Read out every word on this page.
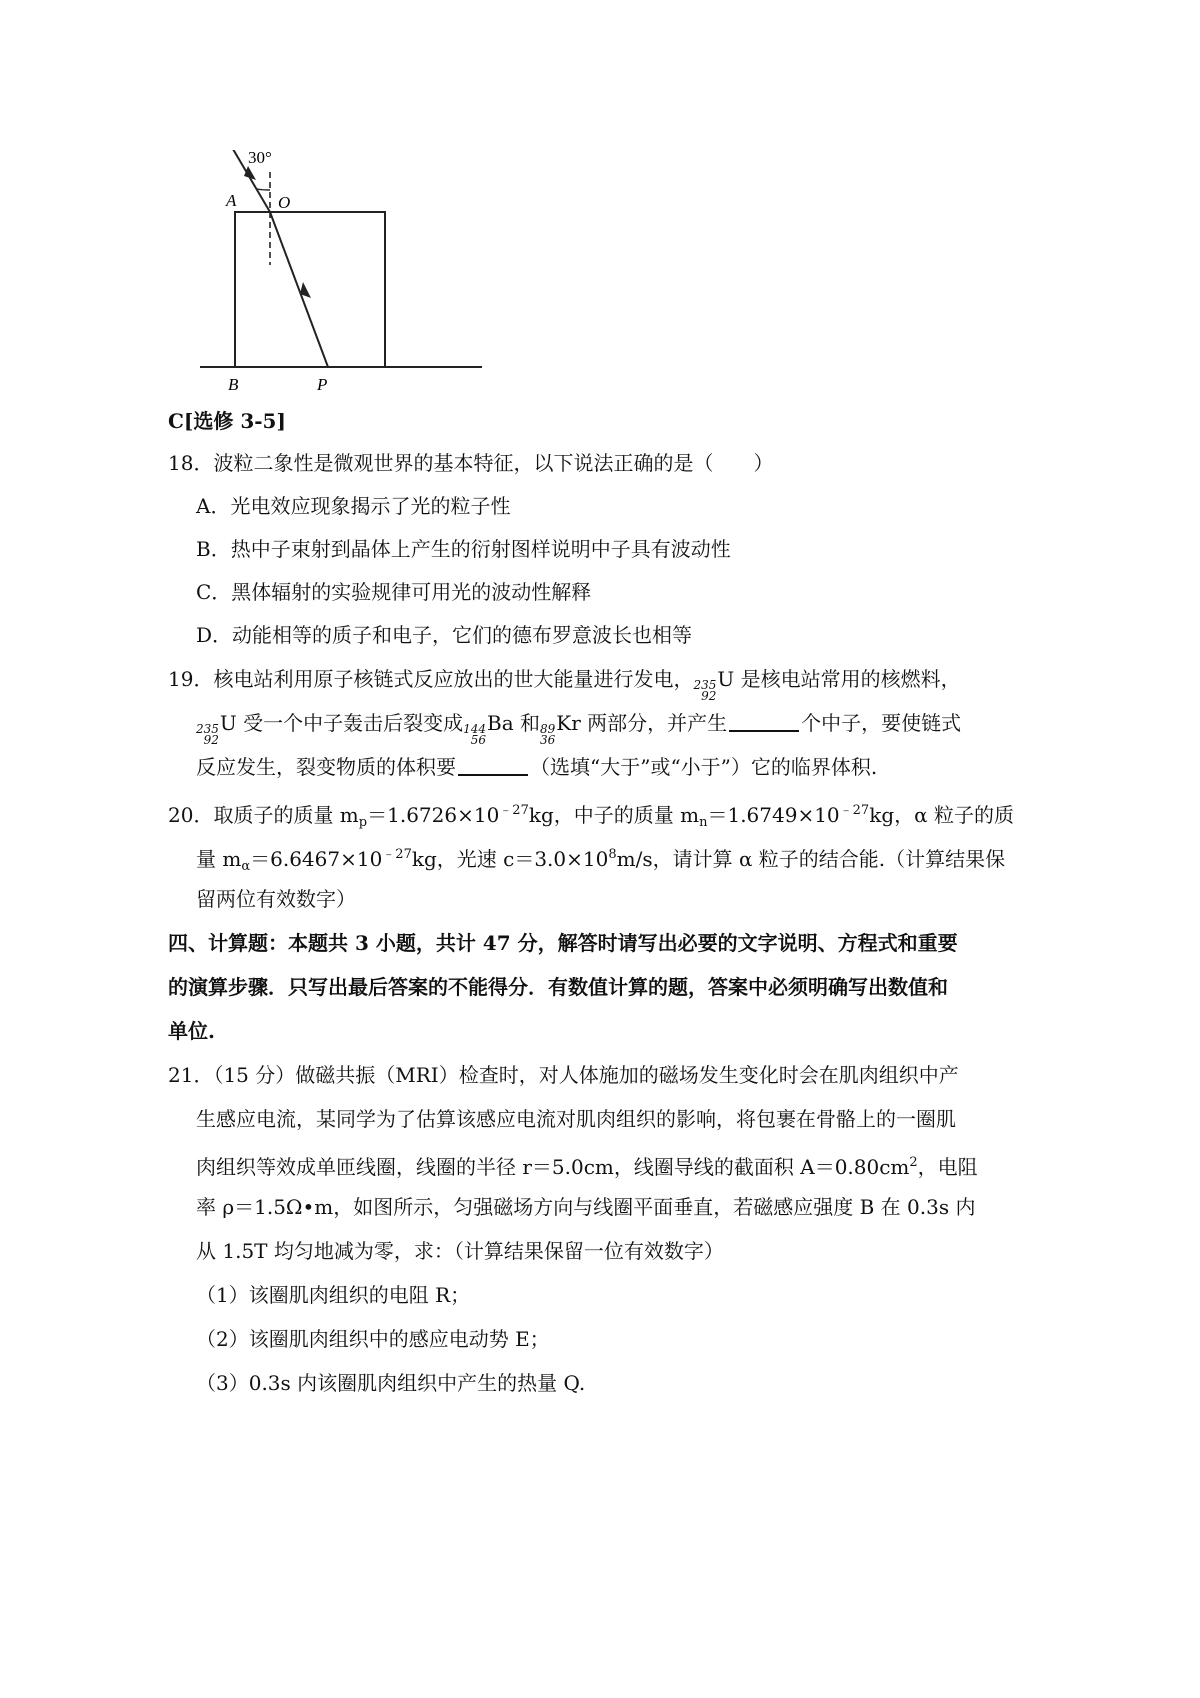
30°
A O
B	P
C[选修 3-5]
18．波粒二象性是微观世界的基本特征，以下说法正确的是（　　）
A．光电效应现象揭示了光的粒子性
B．热中子束射到晶体上产生的衍射图样说明中子具有波动性
C．黑体辐射的实验规律可用光的波动性解释
D．动能相等的质子和电子，它们的德布罗意波长也相等
19．核电站利用原子核链式反应放出的世大能量进行发电， 235
92
U 是核电站常用的核燃料，
235
92
U 受一个中子轰击后裂变成 144
56
Ba 和 89
36
Kr 两部分，并产生	个中子，要使链式
反应发生，裂变物质的体积要	（选填“大于”或“小于”）它的临界体积.
20．取质子的质量 $m_p=1.6726\times 10^{﹣27}kg$，中子的质量 $m_n=1.6749\times 10^{﹣27}kg$，α 粒子的质
量 $m_\alpha=6.6467\times 10^{﹣27}kg$，光速 $c=3.0\times 10^8m/s$，请计算 α 粒子的结合能.（计算结果保
留两位有效数字）
四、计算题：本题共 3 小题，共计 47 分，解答时请写出必要的文字说明、方程式和重要
的演算步骤．只写出最后答案的不能得分．有数值计算的题，答案中必须明确写出数值和
单位.
21．（15 分）做磁共振（MRI）检查时，对人体施加的磁场发生变化时会在肌肉组织中产
生感应电流，某同学为了估算该感应电流对肌肉组织的影响，将包裹在骨骼上的一圈肌
肉组织等效成单匝线圈，线圈的半径 r＝5.0cm，线圈导线的截面积 $A=0.80cm^2$，电阻
率 ρ＝1.5Ω•m，如图所示，匀强磁场方向与线圈平面垂直，若磁感应强度 B 在 0.3s 内
从 1.5T 均匀地减为零，求：（计算结果保留一位有效数字）
（1）该圈肌肉组织的电阻 R；
（2）该圈肌肉组织中的感应电动势 E；
（3）0.3s 内该圈肌肉组织中产生的热量 Q.
